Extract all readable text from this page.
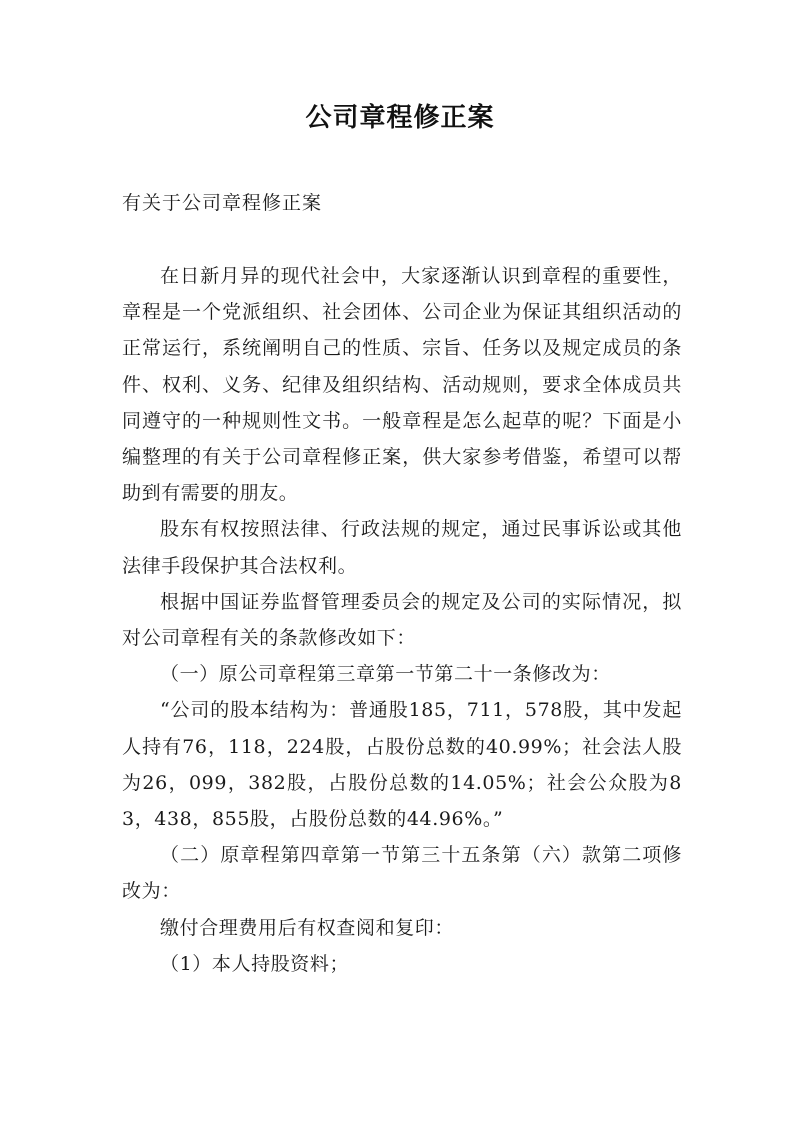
公司章程修正案
有关于公司章程修正案

在日新月异的现代社会中，大家逐渐认识到章程的重要性，章程是一个党派组织、社会团体、公司企业为保证其组织活动的正常运行，系统阐明自己的性质、宗旨、任务以及规定成员的条件、权利、义务、纪律及组织结构、活动规则，要求全体成员共同遵守的一种规则性文书。一般章程是怎么起草的呢？下面是小编整理的有关于公司章程修正案，供大家参考借鉴，希望可以帮助到有需要的朋友。

股东有权按照法律、行政法规的规定，通过民事诉讼或其他法律手段保护其合法权利。

根据中国证券监督管理委员会的规定及公司的实际情况，拟对公司章程有关的条款修改如下：

（一）原公司章程第三章第一节第二十一条修改为：

“公司的股本结构为：普通股185，711，578股，其中发起人持有76，118，224股，占股份总数的40.99%；社会法人股为26，099，382股，占股份总数的14.05%；社会公众股为83，438，855股，占股份总数的44.96%。”

（二）原章程第四章第一节第三十五条第（六）款第二项修改为：

缴付合理费用后有权查阅和复印：

（1）本人持股资料；
